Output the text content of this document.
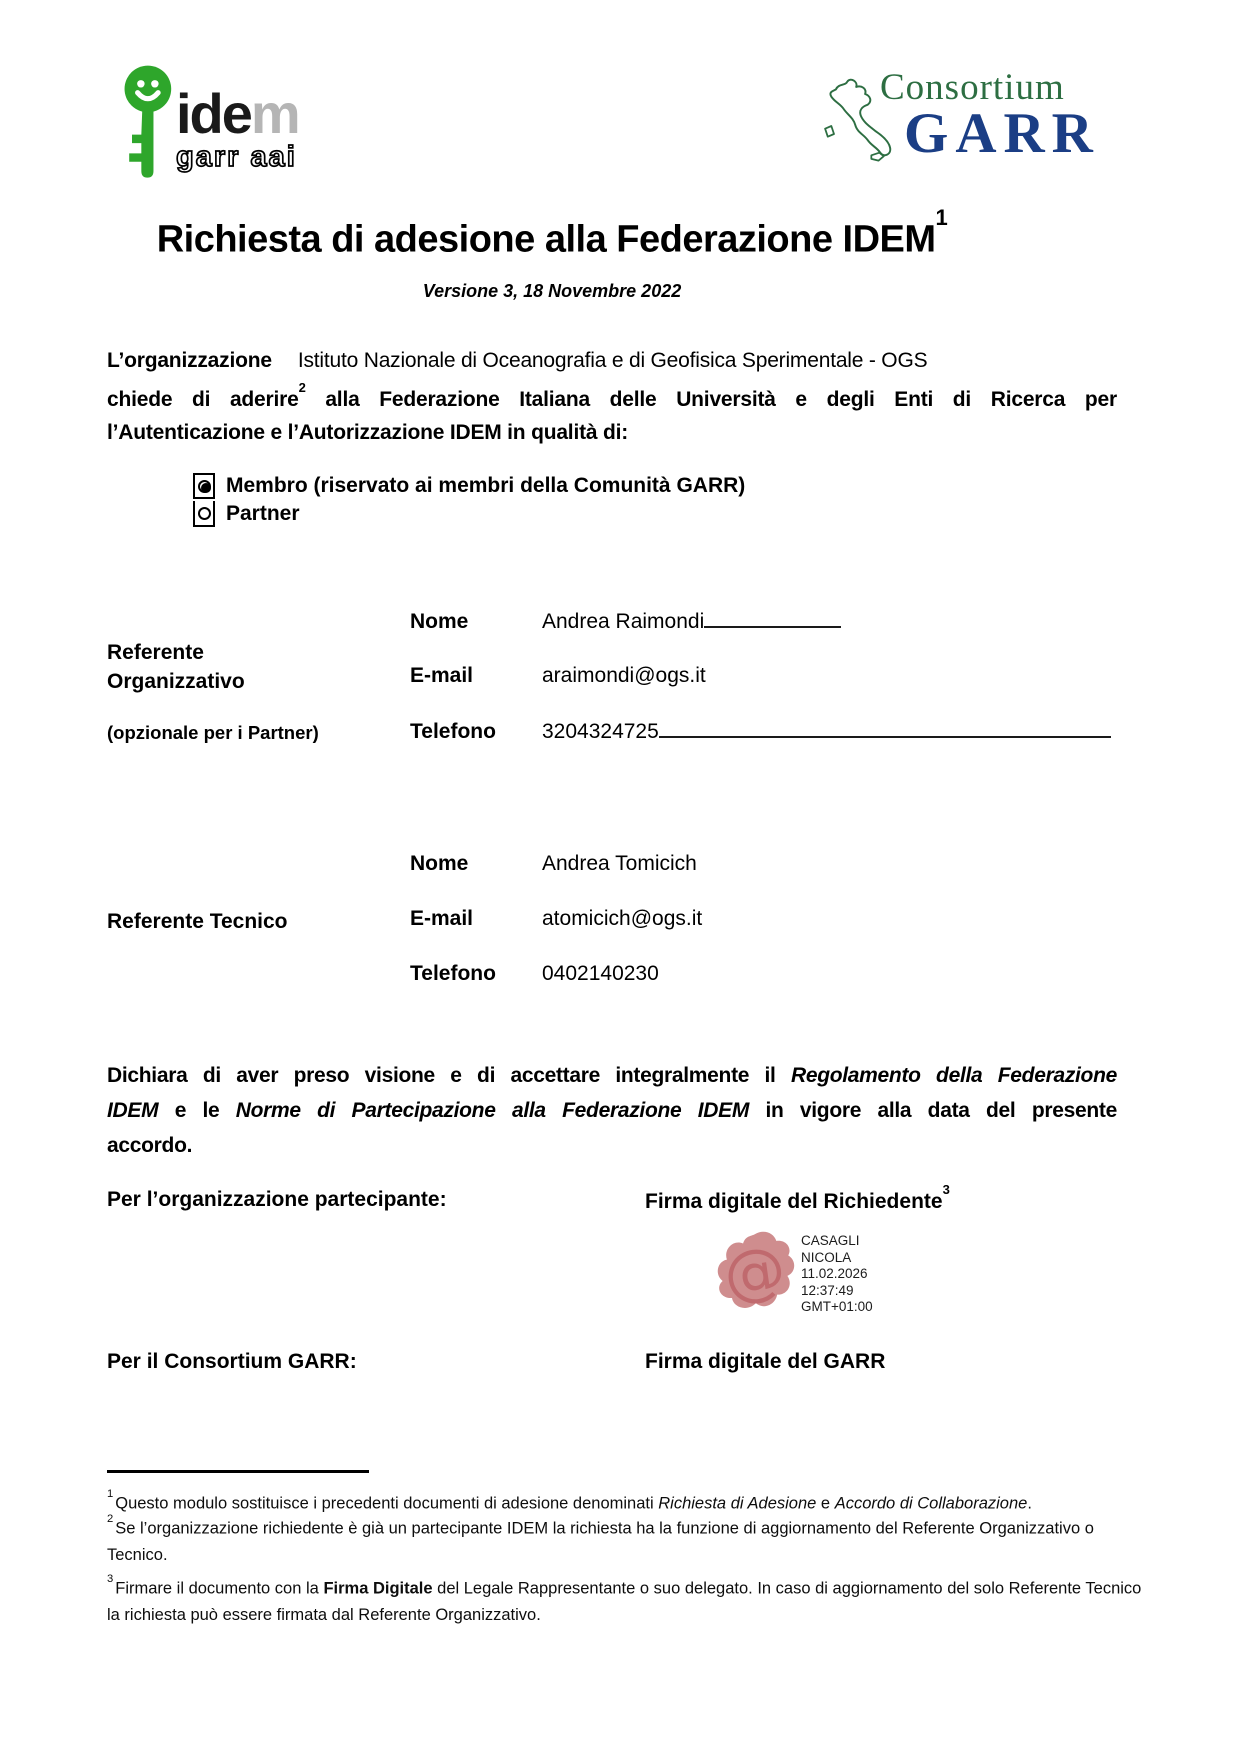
idem
garr aai
Consortium
GARR
Richiesta di adesione alla Federazione IDEM$^1$
Versione 3, 18 Novembre 2022
L’organizzazione Istituto Nazionale di Oceanografia e di Geofisica Sperimentale - OGS
chiede di aderire$^2$ alla Federazione Italiana delle Università e degli Enti di Ricerca per
l’Autenticazione e l’Autorizzazione IDEM in qualità di:
Membro (riservato ai membri della Comunità GARR)
Partner
Referente
Organizzativo
(opzionale per i Partner)
Nome	Andrea Raimondi
E-mail	araimondi@ogs.it
Telefono 3204324725
Referente Tecnico
Nome	Andrea Tomicich
E-mail	atomicich@ogs.it
Telefono 0402140230
Dichiara di aver preso visione e di accettare integralmente il Regolamento della Federazione
IDEM e le Norme di Partecipazione alla Federazione IDEM in vigore alla data del presente
accordo.
Per l’organizzazione partecipante:	Firma digitale del Richiedente$^3$
@ CASAGLI
NICOLA
11.02.2026
12:37:49
GMT+01:00
Per il Consortium GARR:	Firma digitale del GARR
$^1$Questo modulo sostituisce i precedenti documenti di adesione denominati Richiesta di Adesione e Accordo di Collaborazione.
$^2$Se l’organizzazione richiedente è già un partecipante IDEM la richiesta ha la funzione di aggiornamento del Referente Organizzativo o Tecnico.
$^3$Firmare il documento con la Firma Digitale del Legale Rappresentante o suo delegato. In caso di aggiornamento del solo Referente Tecnico la richiesta può essere firmata dal Referente Organizzativo.
